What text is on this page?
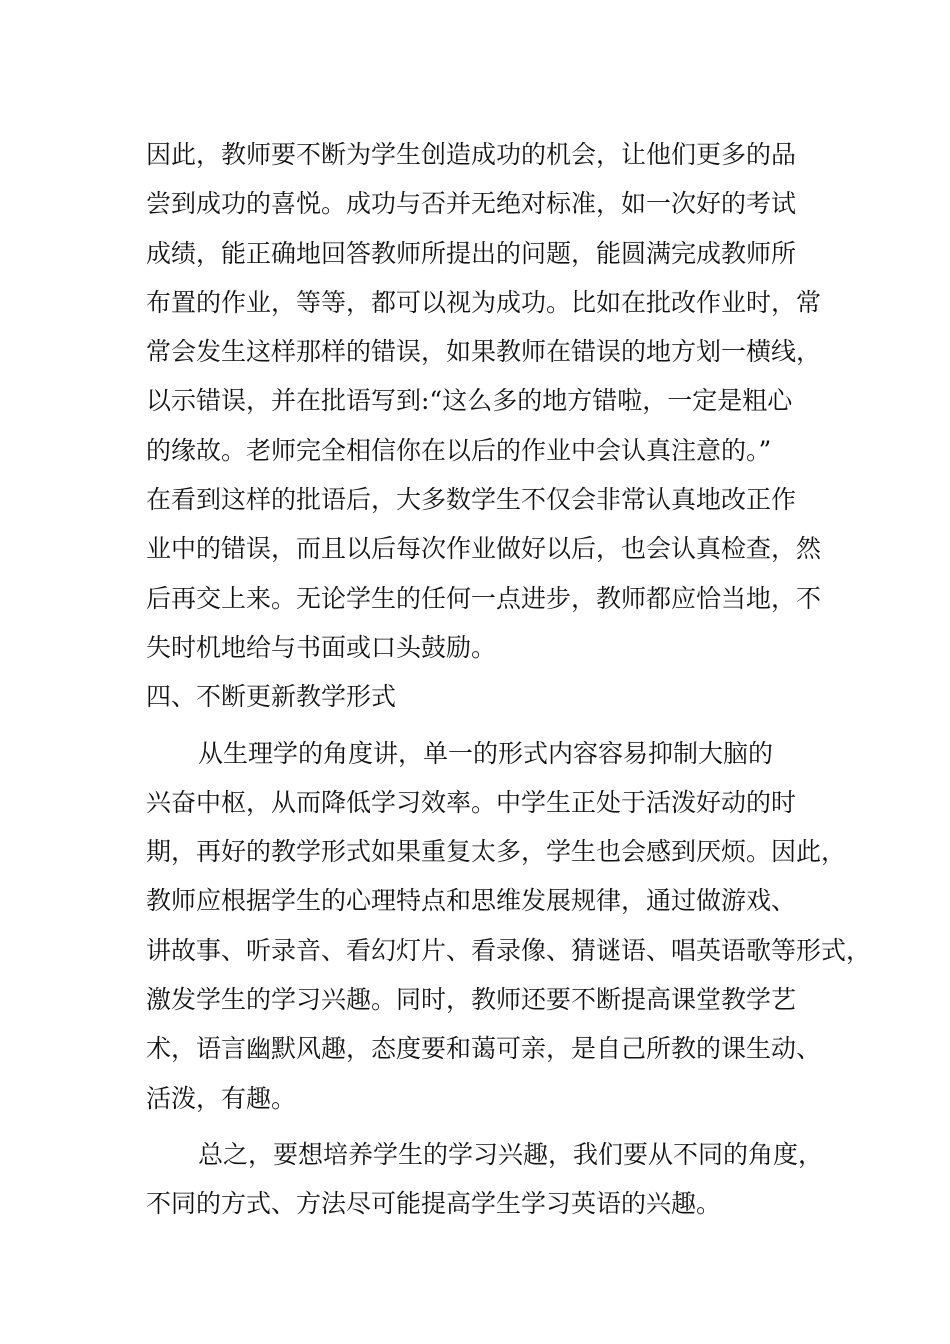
因此，教师要不断为学生创造成功的机会，让他们更多的品
尝到成功的喜悦。成功与否并无绝对标准，如一次好的考试
成绩，能正确地回答教师所提出的问题，能圆满完成教师所
布置的作业，等等，都可以视为成功。比如在批改作业时，常
常会发生这样那样的错误，如果教师在错误的地方划一横线，
以示错误，并在批语写到:“这么多的地方错啦，一定是粗心
的缘故。老师完全相信你在以后的作业中会认真注意的。”
在看到这样的批语后，大多数学生不仅会非常认真地改正作
业中的错误，而且以后每次作业做好以后，也会认真检查，然
后再交上来。无论学生的任何一点进步，教师都应恰当地，不
失时机地给与书面或口头鼓励。
四、不断更新教学形式
从生理学的角度讲，单一的形式内容容易抑制大脑的
兴奋中枢，从而降低学习效率。中学生正处于活泼好动的时
期，再好的教学形式如果重复太多，学生也会感到厌烦。因此，
教师应根据学生的心理特点和思维发展规律，通过做游戏、
讲故事、听录音、看幻灯片、看录像、猜谜语、唱英语歌等形式，
激发学生的学习兴趣。同时，教师还要不断提高课堂教学艺
术，语言幽默风趣，态度要和蔼可亲，是自己所教的课生动、
活泼，有趣。
总之，要想培养学生的学习兴趣，我们要从不同的角度，
不同的方式、方法尽可能提高学生学习英语的兴趣。
